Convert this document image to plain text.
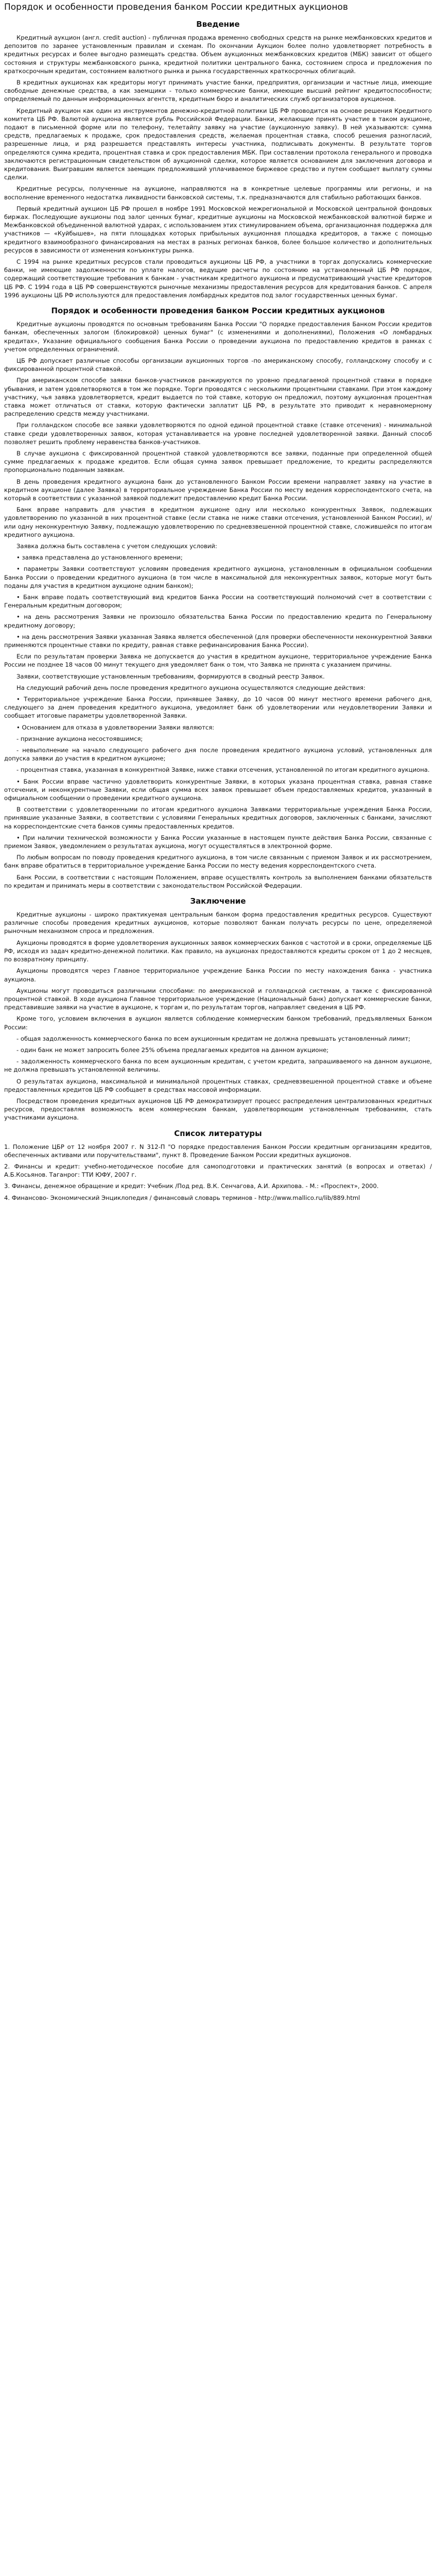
Порядок и особенности проведения банком России кредитных аукционов
Введение

Кредитный аукцион (англ. credit auction) - публичная продажа временно свободных средств на рынке межбанковских кредитов и депозитов по заранее установленным правилам и схемам. По окончании Аукцион более полно удовлетворяет потребность в кредитных ресурсах и более выгодно размещать средства. Объем аукционных межбанковских кредитов (МБК) зависит от общего состояния и структуры межбанковского рынка, кредитной политики центрального банка, состоянием спроса и предложения по краткосрочным кредитам, состоянием валютного рынка и рынка государственных краткосрочных облигаций.

В кредитных аукционах как кредиторы могут принимать участие банки, предприятия, организации и частные лица, имеющие свободные денежные средства, а как заемщики - только коммерческие банки, имеющие высший рейтинг кредитоспособности; определяемый по данным информационных агентств, кредитным бюро и аналитических служб организаторов аукционов.

Кредитный аукцион как один из инструментов денежно-кредитной политики ЦБ РФ проводится на основе решения Кредитного комитета ЦБ РФ. Валютой аукциона является рубль Российской Федерации. Банки, желающие принять участие в таком аукционе, подают в письменной форме или по телефону, телетайпу заявку на участие (аукционную заявку). В ней указываются: сумма средств, предлагаемых к продаже, срок предоставления средств, желаемая процентная ставка, способ решения разногласий, разрешенные лица, и ряд разрешается представлять интересы участника, подписывать документы. В результате торгов определяются сумма кредита, процентная ставка и срок предоставления МБК. При составлении протокола генерального и проводка заключаются регистрационным свидетельством об аукционной сделки, которое является основанием для заключения договора и кредитования. Выигравшим является заемщик предложивший уплачиваемое биржевое средство и путем сообщает выплату суммы сделки.

Кредитные ресурсы, полученные на аукционе, направляются на в конкретные целевые программы или регионы, и на восполнение временного недостатка ликвидности банковской системы, т.к. предназначаются для стабильно работающих банков.

Первый кредитный аукцион ЦБ РФ прошел в ноябре 1991 Московской межрегиональной и Московской центральной фондовых биржах. Последующие аукционы под залог ценных бумаг, кредитные аукционы на Московской межбанковской валютной бирже и Межбанковской объединенной валютной ударах, с использованием этих стимулированием объема, организационная поддержка для участников — «Куйбышев», на пяти площадках которых прибыльных аукционная площадка кредиторов, а также с помощью кредитного взаимообразного финансирования на местах в разных регионах банков, более большое количество и дополнительных ресурсов в зависимости от изменения конъюнктуры рынка.

С 1994 на рынке кредитных ресурсов стали проводиться аукционы ЦБ РФ, а участники в торгах допускались коммерческие банки, не имеющие задолженности по уплате налогов, ведущие расчеты по состоянию на установленный ЦБ РФ порядок, содержащий соответствующие требования к банкам - участникам кредитного аукциона и предусматривающий участие кредиторов ЦБ РФ. С 1994 года в ЦБ РФ совершенствуются рыночные механизмы предоставления ресурсов для кредитования банков. С апреля 1996 аукционы ЦБ РФ используются для предоставления ломбардных кредитов под залог государственных ценных бумаг.

Порядок и особенности проведения банком России кредитных аукционов

Кредитные аукционы проводятся по основным требованиям Банка России "О порядке предоставления Банком России кредитов банкам, обеспеченных залогом (блокировкой) ценных бумаг" (с изменениями и дополнениями), Положения «О ломбардных кредитах», Указание официального сообщения Банка России о проведении аукциона по предоставлению кредитов в рамках с учетом определенных ограничений.

ЦБ РФ допускает различные способы организации аукционных торгов -по американскому способу, голландскому способу и с фиксированной процентной ставкой.

При американском способе заявки банков-участников ранжируются по уровню предлагаемой процентной ставки в порядке убывания, и затем удовлетворяются в том же порядке. Торги проводятся с несколькими процентными ставками. При этом каждому участнику, чья заявка удовлетворяется, кредит выдается по той ставке, которую он предложил, поэтому аукционная процентная ставка может отличаться от ставки, которую фактически заплатит ЦБ РФ, в результате это приводит к неравномерному распределению средств между участниками.

При голландском способе все заявки удовлетворяются по одной единой процентной ставке (ставке отсечения) - минимальной ставке среди удовлетворенных заявок, которая устанавливается на уровне последней удовлетворенной заявки. Данный способ позволяет решить проблему неравенства банков-участников.

В случае аукциона с фиксированной процентной ставкой удовлетворяются все заявки, поданные при определенной общей сумме предлагаемых к продаже кредитов. Если общая сумма заявок превышает предложение, то кредиты распределяются пропорционально поданным заявкам.

В день проведения кредитного аукциона банк до установленного Банком России времени направляет заявку на участие в кредитном аукционе (далее Заявка) в территориальное учреждение Банка России по месту ведения корреспондентского счета, на который в соответствии с указанной заявкой подлежит предоставлению кредит Банка России.

Банк вправе направить для участия в кредитном аукционе одну или несколько конкурентных Заявок, подлежащих удовлетворению по указанной в них процентной ставке (если ставка не ниже ставки отсечения, установленной Банком России), и/или одну неконкурентную Заявку, подлежащую удовлетворению по средневзвешенной процентной ставке, сложившейся по итогам кредитного аукциона.

Заявка должна быть составлена с учетом следующих условий:

• заявка представлена до установленного времени;

• параметры Заявки соответствуют условиям проведения кредитного аукциона, установленным в официальном сообщении Банка России о проведении кредитного аукциона (в том числе в максимальной для неконкурентных заявок, которые могут быть поданы для участия в кредитном аукционе одним банком);

• Банк вправе подать соответствующий вид кредитов Банка России на соответствующий полномочий счет в соответствии с Генеральным кредитным договором;

• на день рассмотрения Заявки не произошло обязательства Банка России по предоставлению кредита по Генеральному кредитному договору;

• на день рассмотрения Заявки указанная Заявка является обеспеченной (для проверки обеспеченности неконкурентной Заявки применяются процентные ставки по кредиту, равная ставке рефинансирования Банка России).

Если по результатам проверки Заявка не допускается до участия в кредитном аукционе, территориальное учреждение Банка России не позднее 18 часов 00 минут текущего дня уведомляет банк о том, что Заявка не принята с указанием причины.

Заявки, соответствующие установленным требованиям, формируются в сводный реестр Заявок.

На следующий рабочий день после проведения кредитного аукциона осуществляются следующие действия:

• Территориальное учреждение Банка России, принявшее Заявку, до 10 часов 00 минут местного времени рабочего дня, следующего за днем проведения кредитного аукциона, уведомляет банк об удовлетворении или неудовлетворении Заявки и сообщает итоговые параметры удовлетворенной Заявки.

• Основанием для отказа в удовлетворении Заявки являются:

- признание аукциона несостоявшимся;

- невыполнение на начало следующего рабочего дня после проведения кредитного аукциона условий, установленных для допуска заявки до участия в кредитном аукционе;

- процентная ставка, указанная в конкурентной Заявке, ниже ставки отсечения, установленной по итогам кредитного аукциона.

• Банк России вправе частично удовлетворить конкурентные Заявки, в которых указана процентная ставка, равная ставке отсечения, и неконкурентные Заявки, если общая сумма всех заявок превышает объем предоставляемых кредитов, указанный в официальном сообщении о проведении кредитного аукциона.

В соответствии с удовлетворенными по итогам кредитного аукциона Заявками территориальные учреждения Банка России, принявшие указанные Заявки, в соответствии с условиями Генеральных кредитных договоров, заключенных с банками, зачисляют на корреспондентские счета банков суммы предоставленных кредитов.

• При наличии технической возможности у Банка России указанные в настоящем пункте действия Банка России, связанные с приемом Заявок, уведомлением о результатах аукциона, могут осуществляться в электронной форме.

По любым вопросам по поводу проведения кредитного аукциона, в том числе связанным с приемом Заявок и их рассмотрением, банк вправе обратиться в территориальное учреждение Банка России по месту ведения корреспондентского счета.

Банк России, в соответствии с настоящим Положением, вправе осуществлять контроль за выполнением банками обязательств по кредитам и принимать меры в соответствии с законодательством Российской Федерации.

Заключение

Кредитные аукционы - широко практикуемая центральным банком форма предоставления кредитных ресурсов. Существуют различные способы проведения кредитных аукционов, которые позволяют банкам получать ресурсы по цене, определяемой рыночным механизмом спроса и предложения.

Аукционы проводятся в форме удовлетворения аукционных заявок коммерческих банков с частотой и в сроки, определяемые ЦБ РФ, исходя из задач кредитно-денежной политики. Как правило, на аукционах предоставляются кредиты сроком от 1 до 2 месяцев, по возвратному принципу.

Аукционы проводятся через Главное территориальное учреждение Банка России по месту нахождения банка - участника аукциона.

Аукционы могут проводиться различными способами: по американской и голландской системам, а также с фиксированной процентной ставкой. В ходе аукциона Главное территориальное учреждение (Национальный банк) допускает коммерческие банки, представившие заявки на участие в аукционе, к торгам и, по результатам торгов, направляет сведения в ЦБ РФ.

Кроме того, условием включения в аукцион является соблюдение коммерческим банком требований, предъявляемых Банком России:

- общая задолженность коммерческого банка по всем аукционным кредитам не должна превышать установленный лимит;

- один банк не может запросить более 25% объема предлагаемых кредитов на данном аукционе;

- задолженность коммерческого банка по всем аукционным кредитам, с учетом кредита, запрашиваемого на данном аукционе, не должна превышать установленной величины.

О результатах аукциона, максимальной и минимальной процентных ставках, средневзвешенной процентной ставке и объеме предоставленных кредитов ЦБ РФ сообщает в средствах массовой информации.

Посредством проведения кредитных аукционов ЦБ РФ демократизирует процесс распределения централизованных кредитных ресурсов, предоставляя возможность всем коммерческим банкам, удовлетворяющим установленным требованиям, стать участниками аукциона.

Список литературы
1. Положение ЦБР от 12 ноября 2007 г. N 312-П "О порядке предоставления Банком России кредитным организациям кредитов, обеспеченных активами или поручительствами", пункт 8. Проведение Банком России кредитных аукционов.
2. Финансы и кредит: учебно-методическое пособие для самоподготовки и практических занятий (в вопросах и ответах) / А.Б.Косьянов. Таганрог: ТТИ ЮФУ, 2007 г.
3. Финансы, денежное обращение и кредит: Учебник /Под ред. В.К. Сенчагова, А.И. Архипова. - М.: «Проспект», 2000.
4. Финансово- Экономический Энциклопедия / финансовый словарь терминов - http://www.mallico.ru/lib/889.html
